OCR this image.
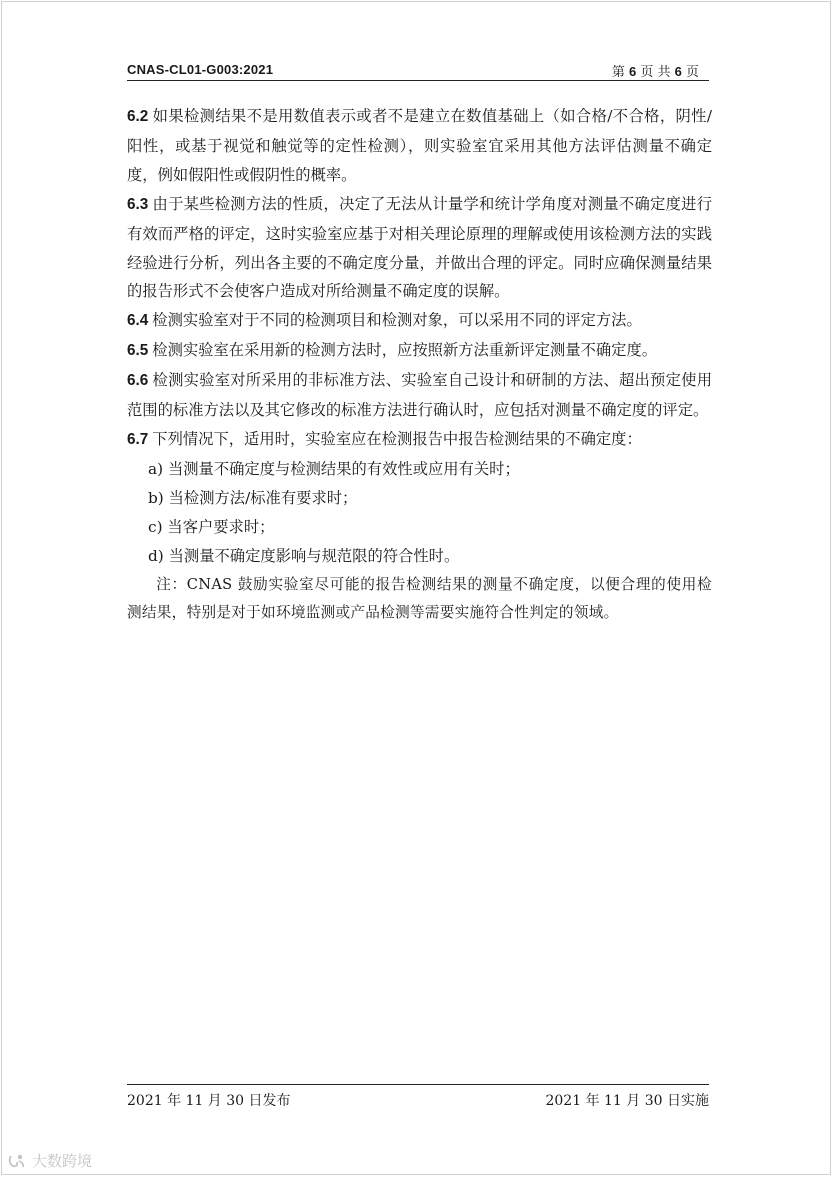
CNAS-CL01-G003:2021	第 6 页 共 6 页

6.2 如果检测结果不是用数值表示或者不是建立在数值基础上（如合格/不合格，阴性/阳性，或基于视觉和触觉等的定性检测），则实验室宜采用其他方法评估测量不确定度，例如假阳性或假阴性的概率。

6.3 由于某些检测方法的性质，决定了无法从计量学和统计学角度对测量不确定度进行有效而严格的评定，这时实验室应基于对相关理论原理的理解或使用该检测方法的实践经验进行分析，列出各主要的不确定度分量，并做出合理的评定。同时应确保测量结果的报告形式不会使客户造成对所给测量不确定度的误解。

6.4 检测实验室对于不同的检测项目和检测对象，可以采用不同的评定方法。

6.5 检测实验室在采用新的检测方法时，应按照新方法重新评定测量不确定度。

6.6 检测实验室对所采用的非标准方法、实验室自己设计和研制的方法、超出预定使用范围的标准方法以及其它修改的标准方法进行确认时，应包括对测量不确定度的评定。

6.7 下列情况下，适用时，实验室应在检测报告中报告检测结果的不确定度：

a) 当测量不确定度与检测结果的有效性或应用有关时；

b) 当检测方法/标准有要求时；

c) 当客户要求时；

d) 当测量不确定度影响与规范限的符合性时。

注：CNAS 鼓励实验室尽可能的报告检测结果的测量不确定度，以便合理的使用检测结果，特别是对于如环境监测或产品检测等需要实施符合性判定的领域。

2021 年 11 月 30 日发布	2021 年 11 月 30 日实施
大数跨境
